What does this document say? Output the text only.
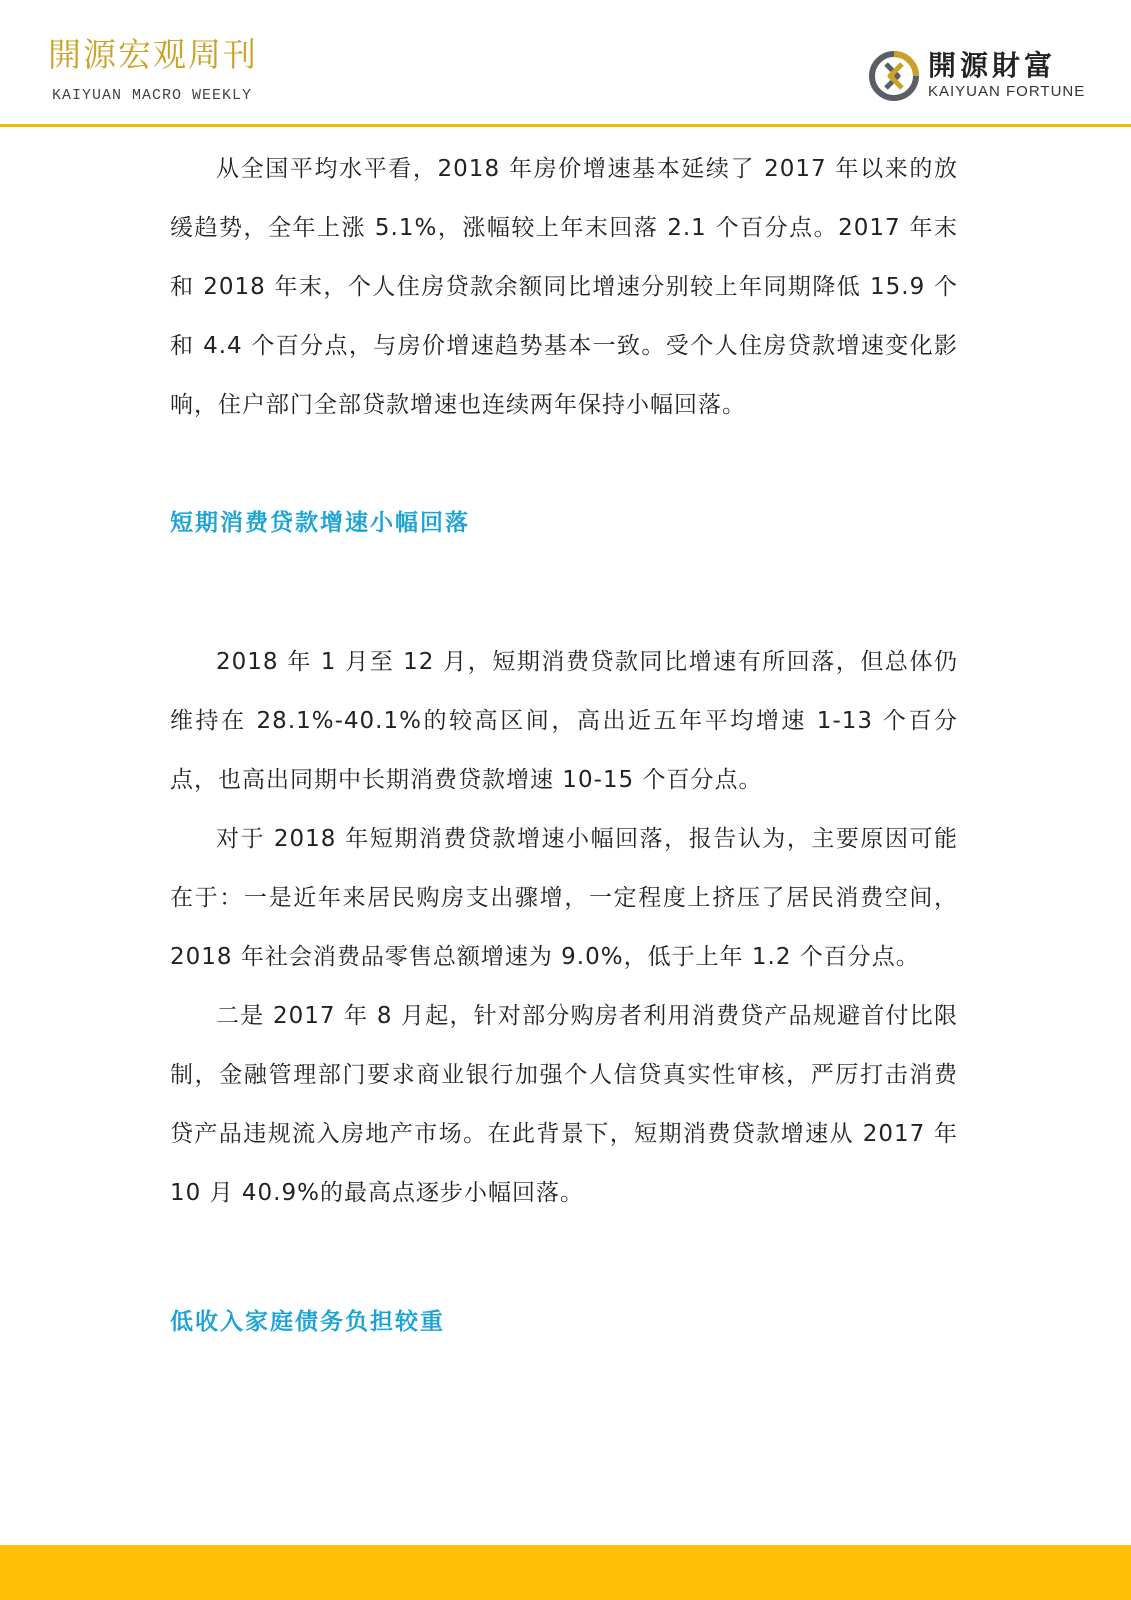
開源宏观周刊
KAIYUAN MACRO WEEKLY
開源財富
KAIYUAN FORTUNE

从全国平均水平看，2018 年房价增速基本延续了 2017 年以来的放缓趋势，全年上涨 5.1%，涨幅较上年末回落 2.1 个百分点。2017 年末和 2018 年末，个人住房贷款余额同比增速分别较上年同期降低 15.9 个和 4.4 个百分点，与房价增速趋势基本一致。受个人住房贷款增速变化影响，住户部门全部贷款增速也连续两年保持小幅回落。

短期消费贷款增速小幅回落

2018 年 1 月至 12 月，短期消费贷款同比增速有所回落，但总体仍维持在 28.1%-40.1%的较高区间，高出近五年平均增速 1-13 个百分点，也高出同期中长期消费贷款增速 10-15 个百分点。

对于 2018 年短期消费贷款增速小幅回落，报告认为，主要原因可能在于：一是近年来居民购房支出骤增，一定程度上挤压了居民消费空间，2018 年社会消费品零售总额增速为 9.0%，低于上年 1.2 个百分点。

二是 2017 年 8 月起，针对部分购房者利用消费贷产品规避首付比限制，金融管理部门要求商业银行加强个人信贷真实性审核，严厉打击消费贷产品违规流入房地产市场。在此背景下，短期消费贷款增速从 2017 年 10 月 40.9%的最高点逐步小幅回落。

低收入家庭债务负担较重
